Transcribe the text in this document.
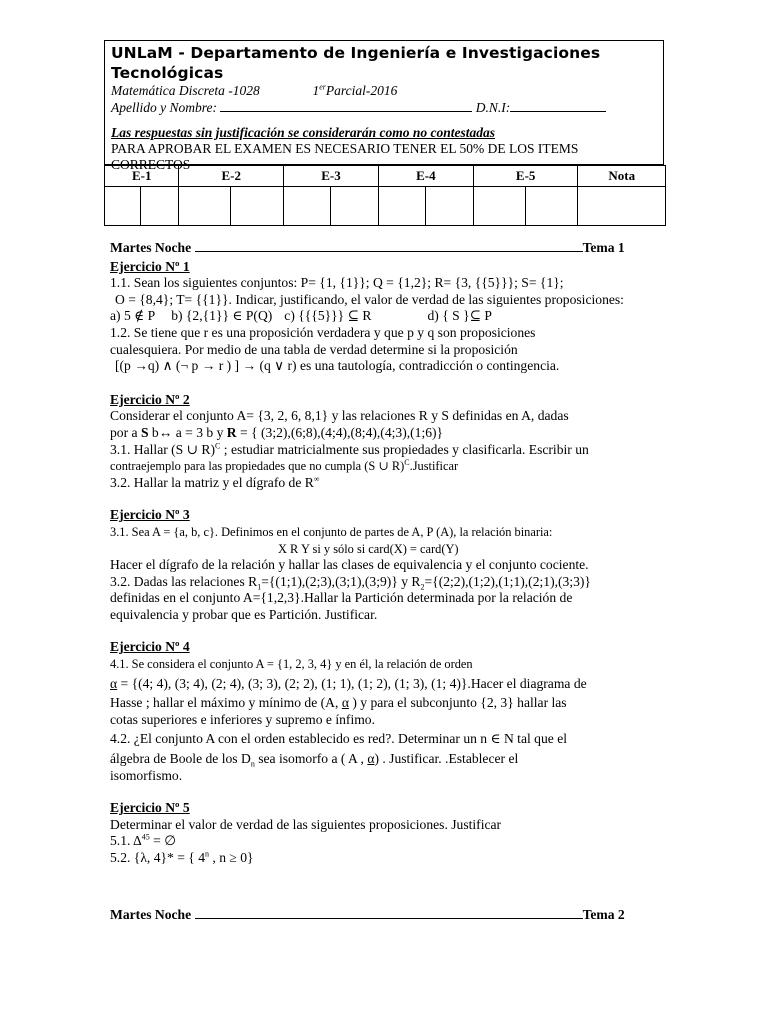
UNLaM - Departamento de Ingeniería e Investigaciones Tecnológicas
Matemática Discreta -1028	1erParcial-2016
Apellido y Nombre:	D.N.I:
Las respuestas sin justificación se considerarán como no contestadas
PARA APROBAR EL EXAMEN ES NECESARIO TENER EL 50% DE LOS ITEMS
CORRECTOS
E-1		E-2		E-3		E-4		E-5		Nota

Martes Noche	Tema 1
Ejercicio Nº 1
1.1. Sean los siguientes conjuntos: P= {1, {1}}; Q = {1,2}; R= {3, {{5}}}; S= {1};
O = {8,4}; T= {{1}}. Indicar, justificando, el valor de verdad de las siguientes proposiciones:
a) 5 ∉ P b) {2,{1}} ∈ P(Q) c) {{{5}}} ⊆ R	d) { S }⊆ P
1.2. Se tiene que r es una proposición verdadera y que p y q son proposiciones
cualesquiera. Por medio de una tabla de verdad determine si la proposición
[(p →q) ∧ (¬ p → r ) ] → (q ∨ r) es una tautología, contradicción o contingencia.
Ejercicio Nº 2
Considerar el conjunto A= {3, 2, 6, 8,1} y las relaciones R y S definidas en A, dadas
por a S b↔ a = 3 b y R = { (3;2),(6;8),(4;4),(8;4),(4;3),(1;6)}
3.1. Hallar (S ∪ R)$^C$ ; estudiar matricialmente sus propiedades y clasificarla. Escribir un
contraejemplo para las propiedades que no cumpla (S ∪ R)$^C$.Justificar
3.2. Hallar la matriz y el dígrafo de R∞
Ejercicio Nº 3
3.1. Sea A = {a, b, c}. Definimos en el conjunto de partes de A, P (A), la relación binaria:
X R Y si y sólo si card(X) = card(Y)
Hacer el dígrafo de la relación y hallar las clases de equivalencia y el conjunto cociente.
3.2. Dadas las relaciones $R_1=\{(1;1),(2;3),(3;1),(3;9)\}$ y $R_2=\{(2;2),(1;2),(1;1),(2;1),(3;3)\}$
definidas en el conjunto A={1,2,3}.Hallar la Partición determinada por la relación de
equivalencia y probar que es Partición. Justificar.
Ejercicio Nº 4
4.1. Se considera el conjunto A = {1, 2, 3, 4} y en él, la relación de orden
α = {(4; 4), (3; 4), (2; 4), (3; 3), (2; 2), (1; 1), (1; 2), (1; 3), (1; 4)}.Hacer el diagrama de
Hasse ; hallar el máximo y mínimo de (A, α ) y para el subconjunto {2, 3} hallar las
cotas superiores e inferiores y supremo e ínfimo.
4.2. ¿El conjunto A con el orden establecido es red?. Determinar un n ∈ N tal que el
álgebra de Boole de los $D_n$ sea isomorfo a ( A , α) . Justificar. .Establecer el
isomorfismo.
Ejercicio Nº 5
Determinar el valor de verdad de las siguientes proposiciones. Justificar
5.1. $\Delta^{45}$ = ∅
5.2. {λ, 4}* = { 4$^n$ , n ≥ 0}
Martes Noche	Tema 2
